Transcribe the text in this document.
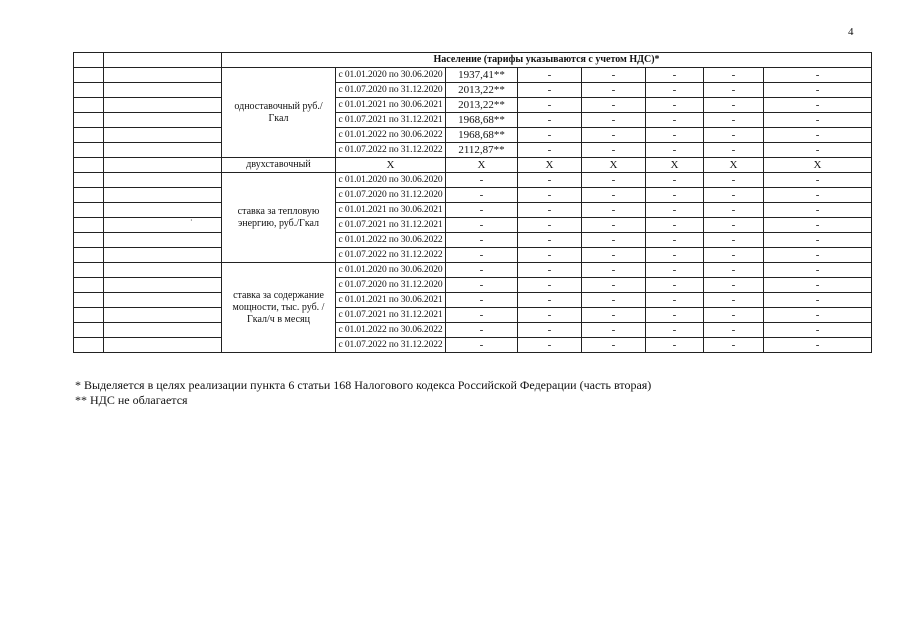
4
		Население (тарифы указываются с учетом НДС)*							
		одноставочный руб./Гкал	с 01.01.2020 по 30.06.2020	1937,41**	-	-	-	-	-
			с 01.07.2020 по 31.12.2020	2013,22**	-	-	-	-	-
			с 01.01.2021 по 30.06.2021	2013,22**	-	-	-	-	-
			с 01.07.2021 по 31.12.2021	1968,68**	-	-	-	-	-
			с 01.01.2022 по 30.06.2022	1968,68**	-	-	-	-	-
			с 01.07.2022 по 31.12.2022	2112,87**	-	-	-	-	-
		двухставочный	Х	Х	Х	Х	Х	Х	Х
		ставка за тепловую энергию, руб./Гкал	с 01.01.2020 по 30.06.2020	-	-	-	-	-	-
			с 01.07.2020 по 31.12.2020	-	-	-	-	-	-
			с 01.01.2021 по 30.06.2021	-	-	-	-	-	-
			с 01.07.2021 по 31.12.2021	-	-	-	-	-	-
			с 01.01.2022 по 30.06.2022	-	-	-	-	-	-
			с 01.07.2022 по 31.12.2022	-	-	-	-	-	-
		ставка за содержание мощности, тыс. руб. /Гкал/ч в месяц	с 01.01.2020 по 30.06.2020	-	-	-	-	-	-
			с 01.07.2020 по 31.12.2020	-	-	-	-	-	-
			с 01.01.2021 по 30.06.2021	-	-	-	-	-	-
			с 01.07.2021 по 31.12.2021	-	-	-	-	-	-
			с 01.01.2022 по 30.06.2022	-	-	-	-	-	-
			с 01.07.2022 по 31.12.2022	-	-	-	-	-	-
·
* Выделяется в целях реализации пункта 6 статьи 168 Налогового кодекса Российской Федерации (часть вторая)
** НДС не облагается
